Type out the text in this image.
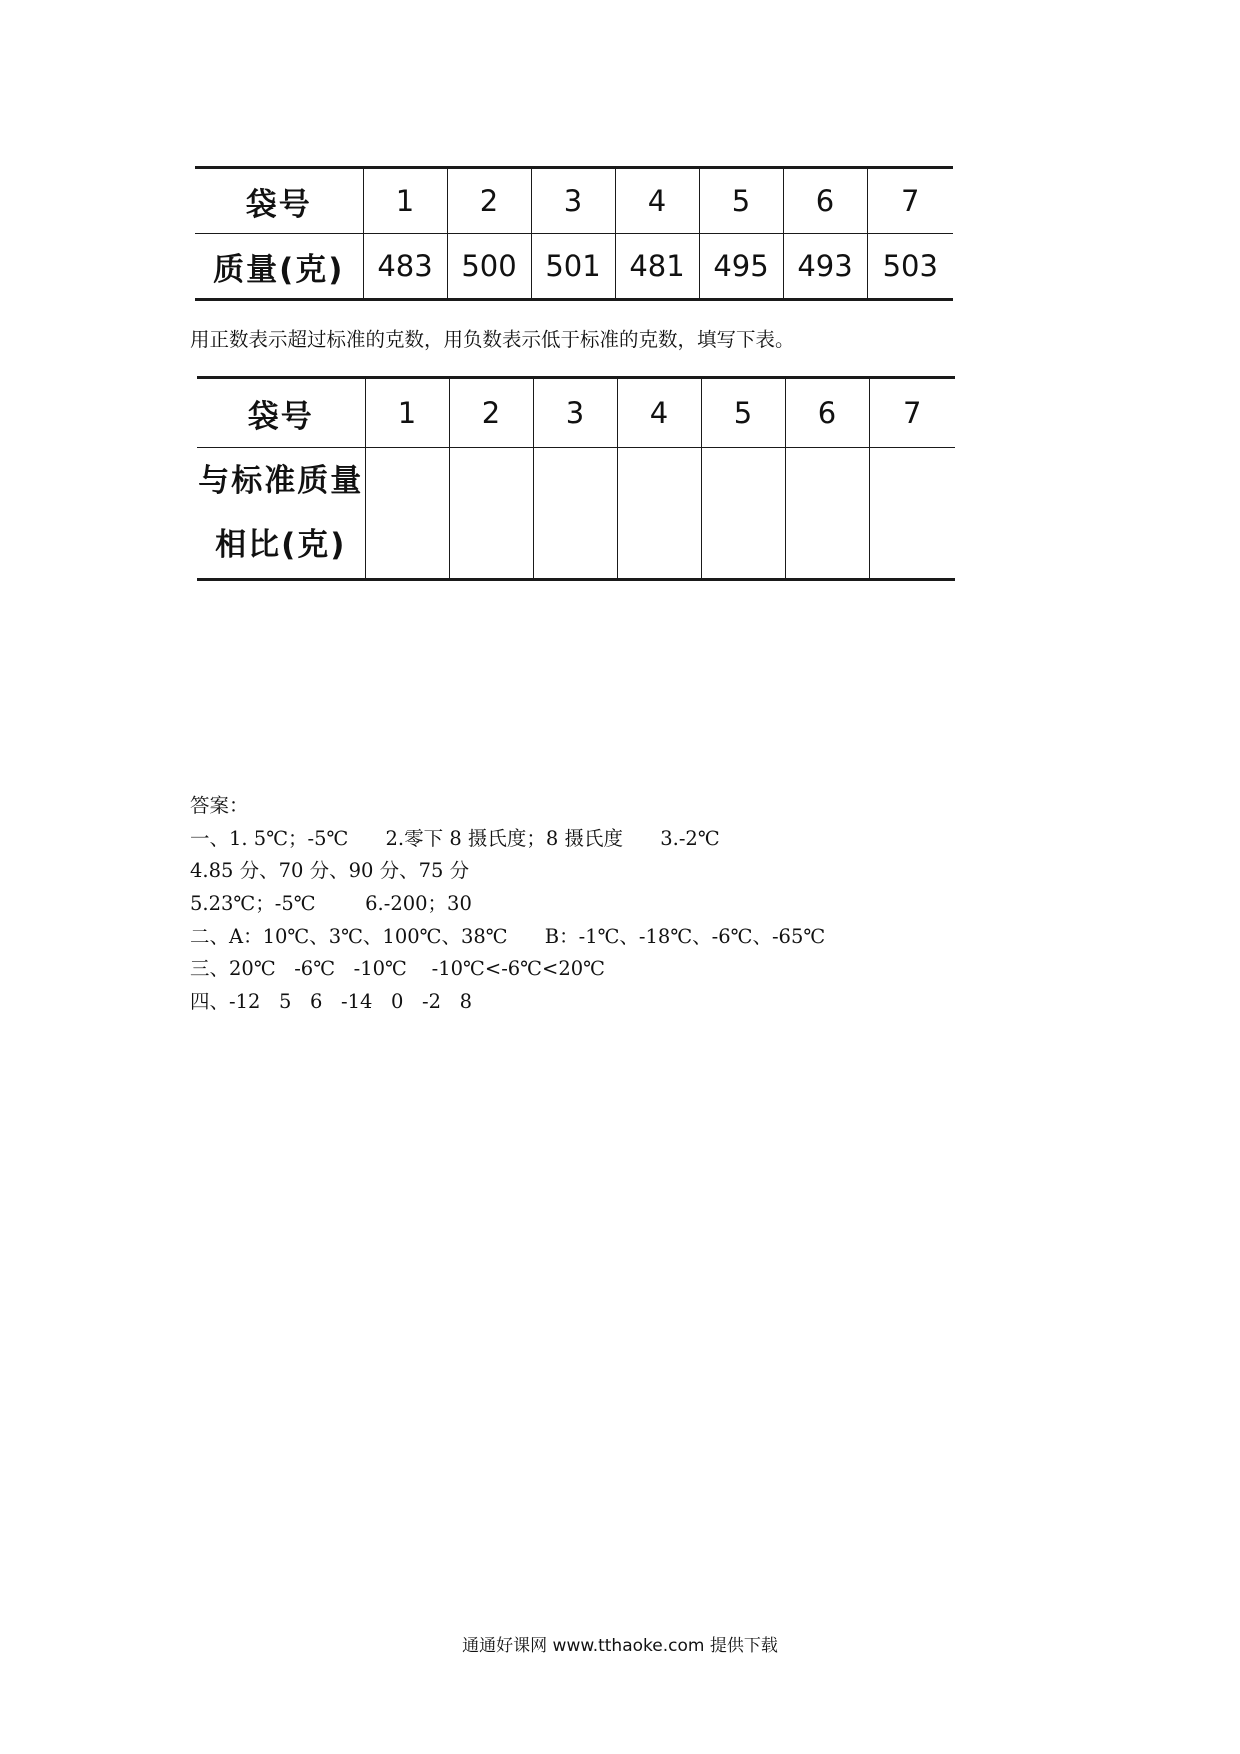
袋号	1	2	3	4	5	6	7
质量(克)	483	500	501	481	495	493	503
用正数表示超过标准的克数，用负数表示低于标准的克数，填写下表。
袋号	1	2	3	4	5	6	7

与标准质量
相比(克)							

答案：
一、1. 5℃；-5℃      2.零下 8 摄氏度；8 摄氏度      3.-2℃
4.85 分、70 分、90 分、75 分
5.23℃；-5℃        6.-200；30
二、A：10℃、3℃、100℃、38℃      B：-1℃、-18℃、-6℃、-65℃
三、20℃   -6℃   -10℃    -10℃<-6℃<20℃
四、-12   5   6   -14   0   -2   8
通通好课网 www.tthaoke.com 提供下载
